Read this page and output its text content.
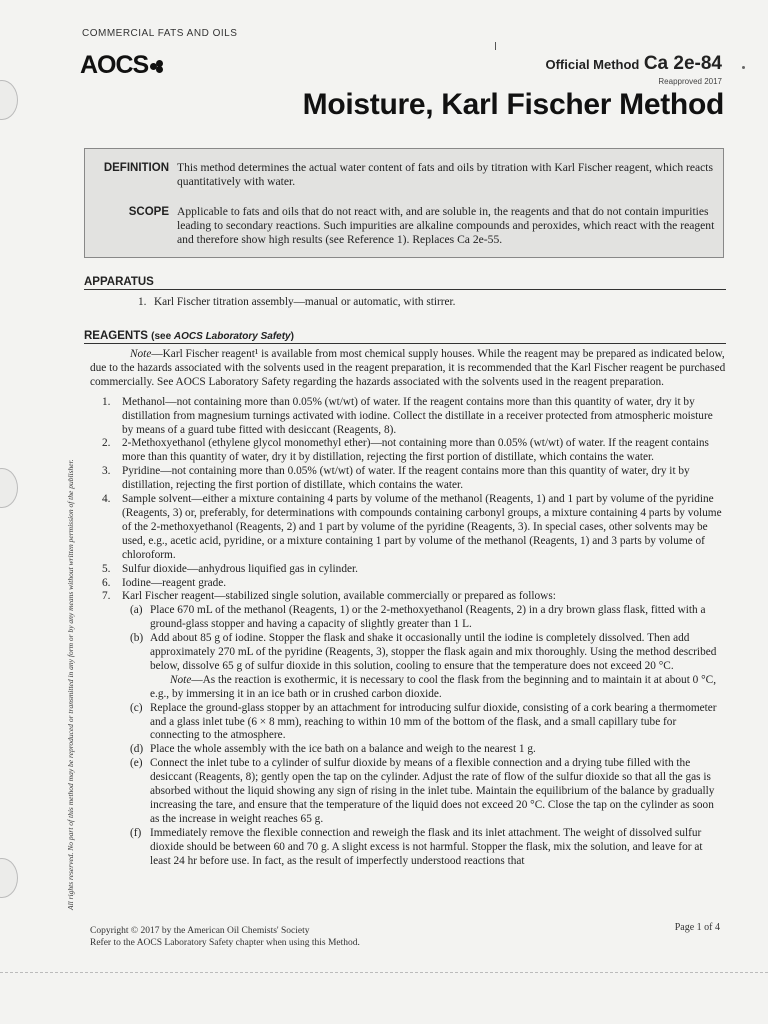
COMMERCIAL FATS AND OILS
AOCS	Official Method Ca 2e-84
Reapproved 2017
Moisture, Karl Fischer Method
DEFINITION This method determines the actual water content of fats and oils by titration with Karl Fischer reagent, which reacts quantitatively with water.
SCOPE Applicable to fats and oils that do not react with, and are soluble in, the reagents and that do not contain impurities leading to secondary reactions. Such impurities are alkaline compounds and peroxides, which react with the reagent and therefore show high results (see Reference 1). Replaces Ca 2e-55.
APPARATUS
1. Karl Fischer titration assembly—manual or automatic, with stirrer.
REAGENTS (see AOCS Laboratory Safety)
Note—Karl Fischer reagent¹ is available from most chemical supply houses. While the reagent may be prepared as indicated below, due to the hazards associated with the solvents used in the reagent preparation, it is recommended that the Karl Fischer reagent be purchased commercially. See AOCS Laboratory Safety regarding the hazards associated with the solvents used in the reagent preparation.
1. Methanol—not containing more than 0.05% (wt/wt) of water. If the reagent contains more than this quantity of water, dry it by distillation from magnesium turnings activated with iodine. Collect the distillate in a receiver protected from atmospheric moisture by means of a guard tube fitted with desiccant (Reagents, 8).
2. 2-Methoxyethanol (ethylene glycol monomethyl ether)—not containing more than 0.05% (wt/wt) of water. If the reagent contains more than this quantity of water, dry it by distillation, rejecting the first portion of distillate, which contains the water.
3. Pyridine—not containing more than 0.05% (wt/wt) of water. If the reagent contains more than this quantity of water, dry it by distillation, rejecting the first portion of distillate, which contains the water.
4. Sample solvent—either a mixture containing 4 parts by volume of the methanol (Reagents, 1) and 1 part by volume of the pyridine (Reagents, 3) or, preferably, for determinations with compounds containing carbonyl groups, a mixture containing 4 parts by volume of the 2-methoxyethanol (Reagents, 2) and 1 part by volume of the pyridine (Reagents, 3). In special cases, other solvents may be used, e.g., acetic acid, pyridine, or a mixture containing 1 part by volume of the methanol (Reagents, 1) and 3 parts by volume of chloroform.
5. Sulfur dioxide—anhydrous liquified gas in cylinder.
6. Iodine—reagent grade.
7. Karl Fischer reagent—stabilized single solution, available commercially or prepared as follows:
(a) Place 670 mL of the methanol (Reagents, 1) or the 2-methoxyethanol (Reagents, 2) in a dry brown glass flask, fitted with a ground-glass stopper and having a capacity of slightly greater than 1 L.
(b) Add about 85 g of iodine. Stopper the flask and shake it occasionally until the iodine is completely dissolved. Then add approximately 270 mL of the pyridine (Reagents, 3), stopper the flask again and mix thoroughly. Using the method described below, dissolve 65 g of sulfur dioxide in this solution, cooling to ensure that the temperature does not exceed 20 °C.
Note—As the reaction is exothermic, it is necessary to cool the flask from the beginning and to maintain it at about 0 °C, e.g., by immersing it in an ice bath or in crushed carbon dioxide.
(c) Replace the ground-glass stopper by an attachment for introducing sulfur dioxide, consisting of a cork bearing a thermometer and a glass inlet tube (6 × 8 mm), reaching to within 10 mm of the bottom of the flask, and a small capillary tube for connecting to the atmosphere.
(d) Place the whole assembly with the ice bath on a balance and weigh to the nearest 1 g.
(e) Connect the inlet tube to a cylinder of sulfur dioxide by means of a flexible connection and a drying tube filled with the desiccant (Reagents, 8); gently open the tap on the cylinder. Adjust the rate of flow of the sulfur dioxide so that all the gas is absorbed without the liquid showing any sign of rising in the inlet tube. Maintain the equilibrium of the balance by gradually increasing the tare, and ensure that the temperature of the liquid does not exceed 20 °C. Close the tap on the cylinder as soon as the increase in weight reaches 65 g.
(f) Immediately remove the flexible connection and reweigh the flask and its inlet attachment. The weight of dissolved sulfur dioxide should be between 60 and 70 g. A slight excess is not harmful. Stopper the flask, mix the solution, and leave for at least 24 hr before use. In fact, as the result of imperfectly understood reactions that
All rights reserved. No part of this method may be reproduced or transmitted in any form or by any means without written permission of the publisher.
Copyright © 2017 by the American Oil Chemists' Society
Refer to the AOCS Laboratory Safety chapter when using this Method.
Page 1 of 4
